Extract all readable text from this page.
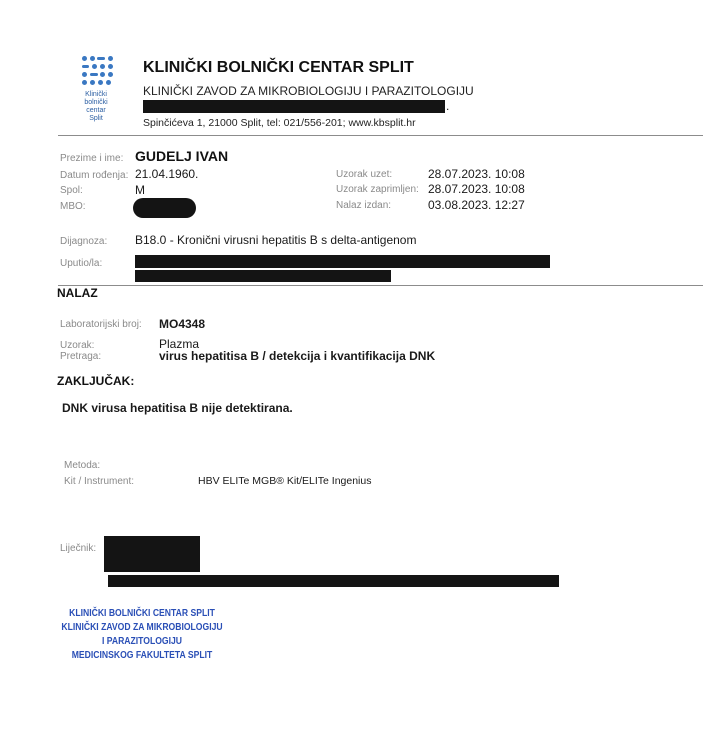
Klinički
bolnički
centar
Split
KLINIČKI BOLNIČKI CENTAR SPLIT
KLINIČKI ZAVOD ZA MIKROBIOLOGIJU I PARAZITOLOGIJU
.
Spinčićeva 1, 21000 Split, tel: 021/556-201; www.kbsplit.hr
Prezime i ime: GUDELJ IVAN
Datum rođenja: 21.04.1960.
Spol:	M
MBO:
Uzorak uzet:	28.07.2023. 10:08
Uzorak zaprimljen: 28.07.2023. 10:08
Nalaz izdan:	03.08.2023. 12:27
Dijagnoza: B18.0 - Kronični virusni hepatitis B s delta-antigenom
Uputio/la:
NALAZ
Laboratorijski broj: MO4348
Uzorak:	Plazma
Pretraga:	virus hepatitisa B / detekcija i kvantifikacija DNK
ZAKLJUČAK:
DNK virusa hepatitisa B nije detektirana.
Metoda:
Kit / Instrument:	HBV ELITe MGB® Kit/ELITe Ingenius
Liječnik:
KLINIČKI BOLNIČKI CENTAR SPLIT
KLINIČKI ZAVOD ZA MIKROBIOLOGIJU
I PARAZITOLOGIJU
MEDICINSKOG FAKULTETA SPLIT
